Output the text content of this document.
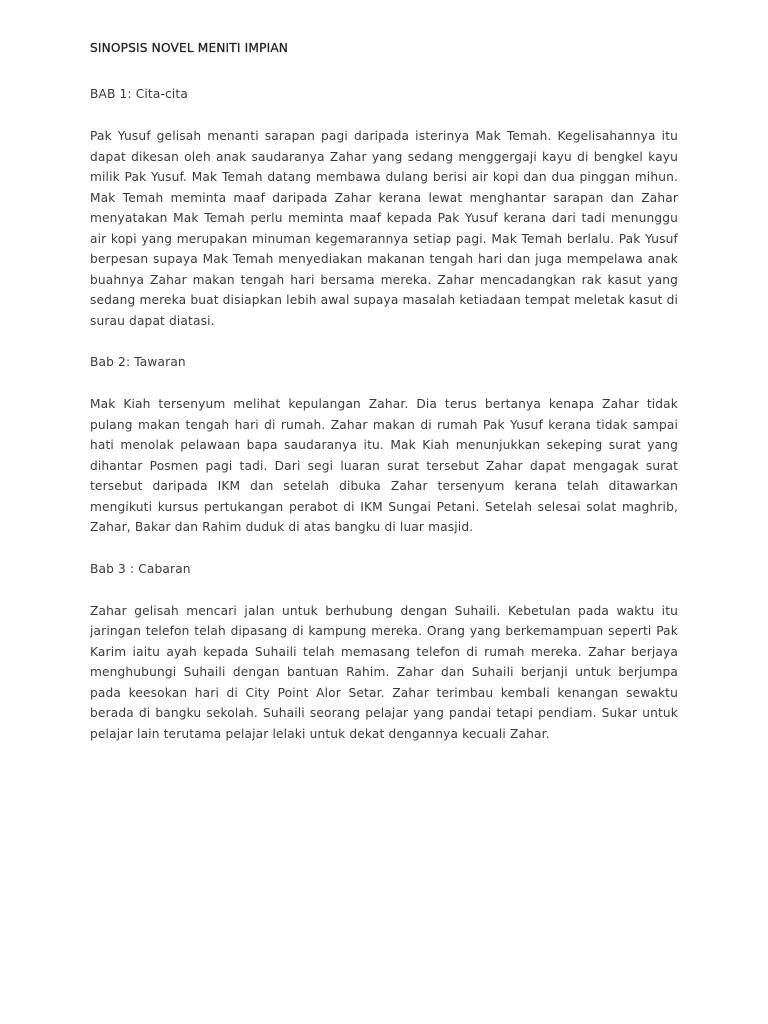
SINOPSIS NOVEL MENITI IMPIAN
BAB 1: Cita-cita

Pak Yusuf gelisah menanti sarapan pagi daripada isterinya Mak Temah. Kegelisahannya itu dapat dikesan oleh anak saudaranya Zahar yang sedang menggergaji kayu di bengkel kayu milik Pak Yusuf. Mak Temah datang membawa dulang berisi air kopi dan dua pinggan mihun. Mak Temah meminta maaf daripada Zahar kerana lewat menghantar sarapan dan Zahar menyatakan Mak Temah perlu meminta maaf kepada Pak Yusuf kerana dari tadi menunggu air kopi yang merupakan minuman kegemarannya setiap pagi. Mak Temah berlalu. Pak Yusuf berpesan supaya Mak Temah menyediakan makanan tengah hari dan juga mempelawa anak buahnya Zahar makan tengah hari bersama mereka. Zahar mencadangkan rak kasut yang sedang mereka buat disiapkan lebih awal supaya masalah ketiadaan tempat meletak kasut di surau dapat diatasi.

Bab 2: Tawaran

Mak Kiah tersenyum melihat kepulangan Zahar. Dia terus bertanya kenapa Zahar tidak pulang makan tengah hari di rumah. Zahar makan di rumah Pak Yusuf kerana tidak sampai hati menolak pelawaan bapa saudaranya itu. Mak Kiah menunjukkan sekeping surat yang dihantar Posmen pagi tadi. Dari segi luaran surat tersebut Zahar dapat mengagak surat tersebut daripada IKM dan setelah dibuka Zahar tersenyum kerana telah ditawarkan mengikuti kursus pertukangan perabot di IKM Sungai Petani. Setelah selesai solat maghrib, Zahar, Bakar dan Rahim duduk di atas bangku di luar masjid.

Bab 3 : Cabaran

Zahar gelisah mencari jalan untuk berhubung dengan Suhaili. Kebetulan pada waktu itu jaringan telefon telah dipasang di kampung mereka. Orang yang berkemampuan seperti Pak Karim iaitu ayah kepada Suhaili telah memasang telefon di rumah mereka. Zahar berjaya menghubungi Suhaili dengan bantuan Rahim. Zahar dan Suhaili berjanji untuk berjumpa pada keesokan hari di City Point Alor Setar. Zahar terimbau kembali kenangan sewaktu berada di bangku sekolah. Suhaili seorang pelajar yang pandai tetapi pendiam. Sukar untuk pelajar lain terutama pelajar lelaki untuk dekat dengannya kecuali Zahar.
